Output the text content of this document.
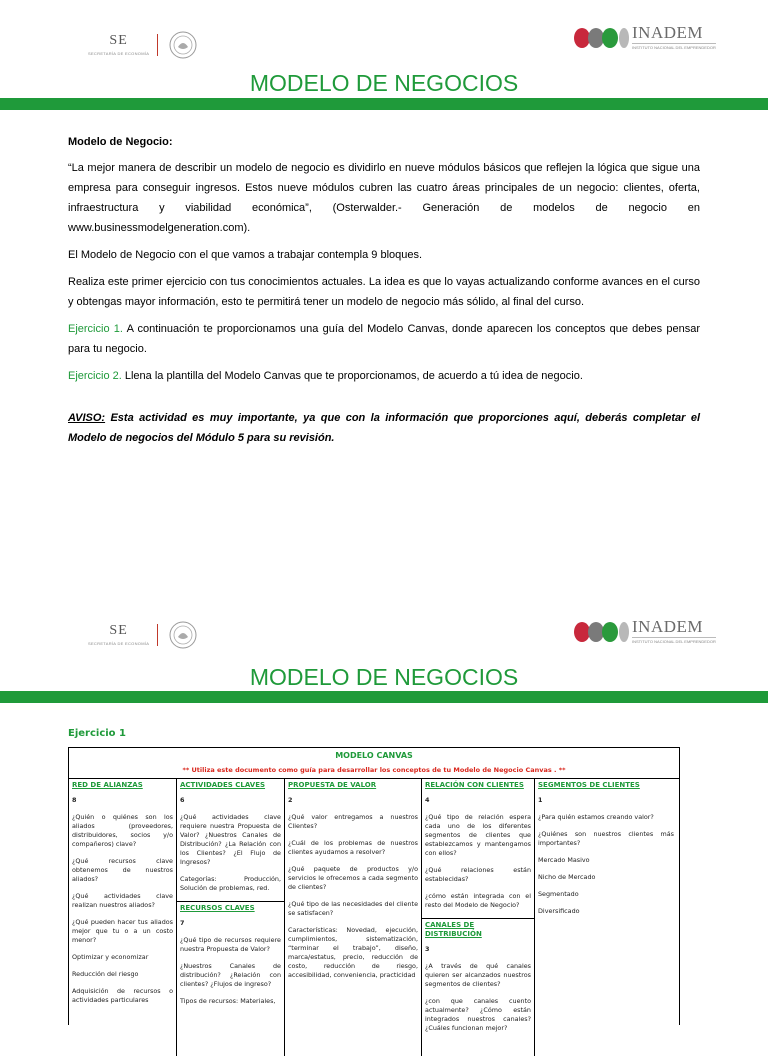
SE
SECRETARÍA DE ECONOMÍA
INADEM
INSTITUTO NACIONAL DEL EMPRENDEDOR
MODELO DE NEGOCIOS

Modelo de Negocio:

“La mejor manera de describir un modelo de negocio es dividirlo en nueve módulos básicos que reflejen la lógica que sigue una empresa para conseguir ingresos. Estos nueve módulos cubren las cuatro áreas principales de un negocio: clientes, oferta, infraestructura y viabilidad económica”, (Osterwalder.- Generación de modelos de negocio en www.businessmodelgeneration.com).

El Modelo de Negocio con el que vamos a trabajar contempla 9 bloques.

Realiza este primer ejercicio con tus conocimientos actuales. La idea es que lo vayas actualizando conforme avances en el curso y obtengas mayor información, esto te permitirá tener un modelo de negocio más sólido, al final del curso.

Ejercicio 1. A continuación te proporcionamos una guía del Modelo Canvas, donde aparecen los conceptos que debes pensar para tu negocio.

Ejercicio 2. Llena la plantilla del Modelo Canvas que te proporcionamos, de acuerdo a tú idea de negocio.

AVISO: Esta actividad es muy importante, ya que con la información que proporciones aquí, deberás completar el Modelo de negocios del Módulo 5 para su revisión.

SE
SECRETARÍA DE ECONOMÍA
INADEM
INSTITUTO NACIONAL DEL EMPRENDEDOR
MODELO DE NEGOCIOS
Ejercicio 1
MODELO CANVAS
** Utiliza este documento como guía para desarrollar los conceptos de tu Modelo de Negocio Canvas . **
RED DE ALIANZAS
8
¿Quién o quiénes son los aliados (proveedores, distribuidores, socios y/o compañeros) clave?
¿Qué recursos clave obtenemos de nuestros aliados?
¿Qué actividades clave realizan nuestros aliados?
¿Qué pueden hacer tus aliados mejor que tu o a un costo menor?
Optimizar y economizar
Reducción del riesgo
Adquisición de recursos o actividades particulares
ACTIVIDADES CLAVES
6
¿Qué actividades clave requiere nuestra Propuesta de Valor? ¿Nuestros Canales de Distribución? ¿La Relación con los Clientes? ¿El Flujo de Ingresos?
Categorías: Producción, Solución de problemas, red.
RECURSOS CLAVES
7
¿Qué tipo de recursos requiere nuestra Propuesta de Valor?
¿Nuestros Canales de distribución? ¿Relación con clientes? ¿Flujos de ingreso?
Tipos de recursos: Materiales,
PROPUESTA DE VALOR
2
¿Qué valor entregamos a nuestros Clientes?
¿Cuál de los problemas de nuestros clientes ayudamos a resolver?
¿Qué paquete de productos y/o servicios le ofrecemos a cada segmento de clientes?
¿Qué tipo de las necesidades del cliente se satisfacen?
Características: Novedad, ejecución, cumplimientos, sistematización, “terminar el trabajo”, diseño, marca/estatus, precio, reducción de costo, reducción de riesgo, accesibilidad, conveniencia, practicidad
RELACIÓN CON CLIENTES
4
¿Qué tipo de relación espera cada uno de los diferentes segmentos de clientes que establezcamos y mantengamos con ellos?
¿Qué relaciones están establecidas?
¿cómo están integrada con el resto del Modelo de Negocio?
CANALES DE DISTRIBUCIÓN
3
¿A través de qué canales quieren ser alcanzados nuestros segmentos de clientes?
¿con que canales cuento actualmente? ¿Cómo están integrados nuestros canales? ¿Cuáles funcionan mejor?
SEGMENTOS DE CLIENTES
1
¿Para quién estamos creando valor?
¿Quiénes son nuestros clientes más importantes?
Mercado Masivo
Nicho de Mercado
Segmentado
Diversificado
